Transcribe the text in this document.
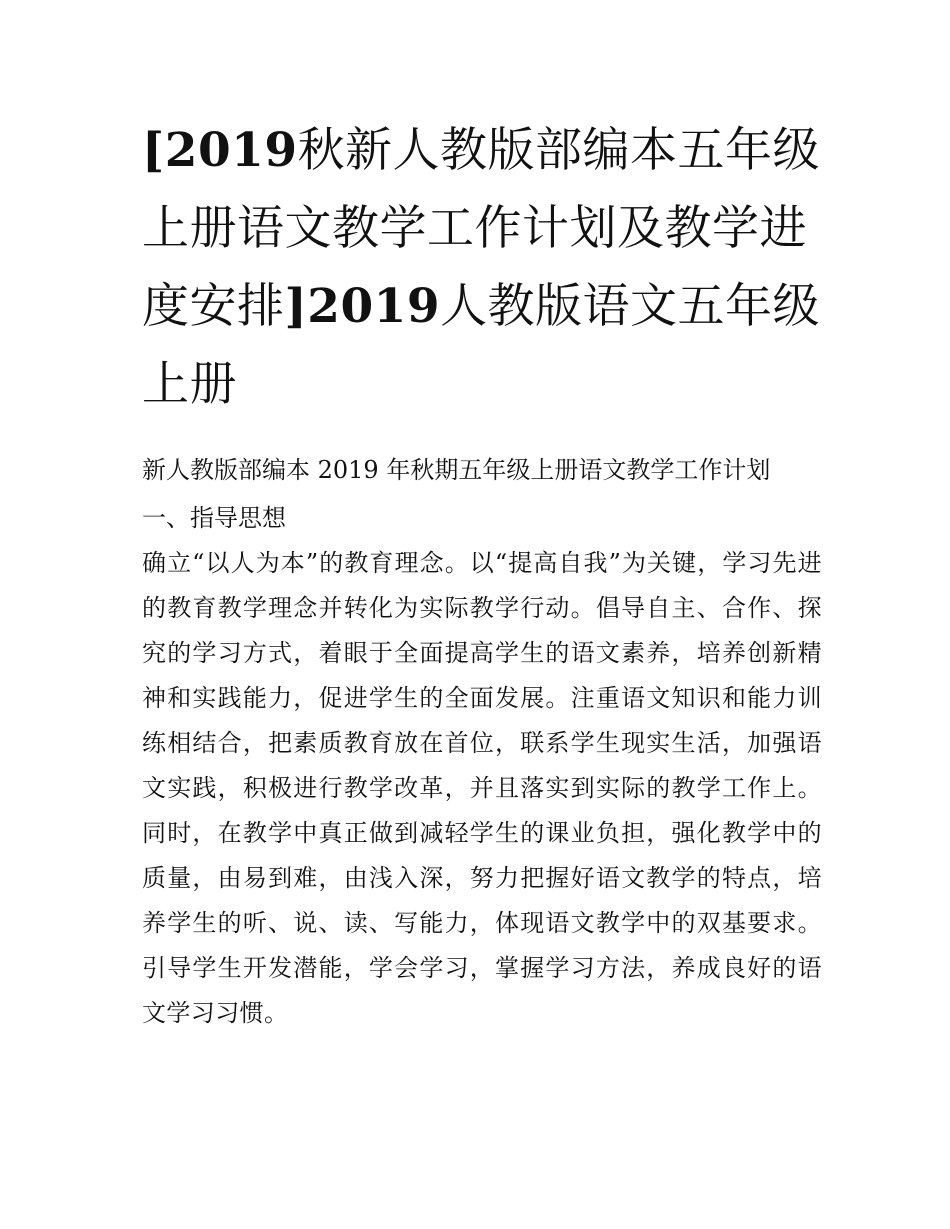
[2019秋新人教版部编本五年级上册语文教学工作计划及教学进度安排]2019人教版语文五年级上册

新人教版部编本 2019 年秋期五年级上册语文教学工作计划

一、指导思想

确立“以人为本”的教育理念。以“提高自我”为关键，学习先进的教育教学理念并转化为实际教学行动。倡导自主、合作、探究的学习方式，着眼于全面提高学生的语文素养，培养创新精神和实践能力，促进学生的全面发展。注重语文知识和能力训练相结合，把素质教育放在首位，联系学生现实生活，加强语文实践，积极进行教学改革，并且落实到实际的教学工作上。同时，在教学中真正做到减轻学生的课业负担，强化教学中的质量，由易到难，由浅入深，努力把握好语文教学的特点，培养学生的听、说、读、写能力，体现语文教学中的双基要求。引导学生开发潜能，学会学习，掌握学习方法，养成良好的语文学习习惯。
